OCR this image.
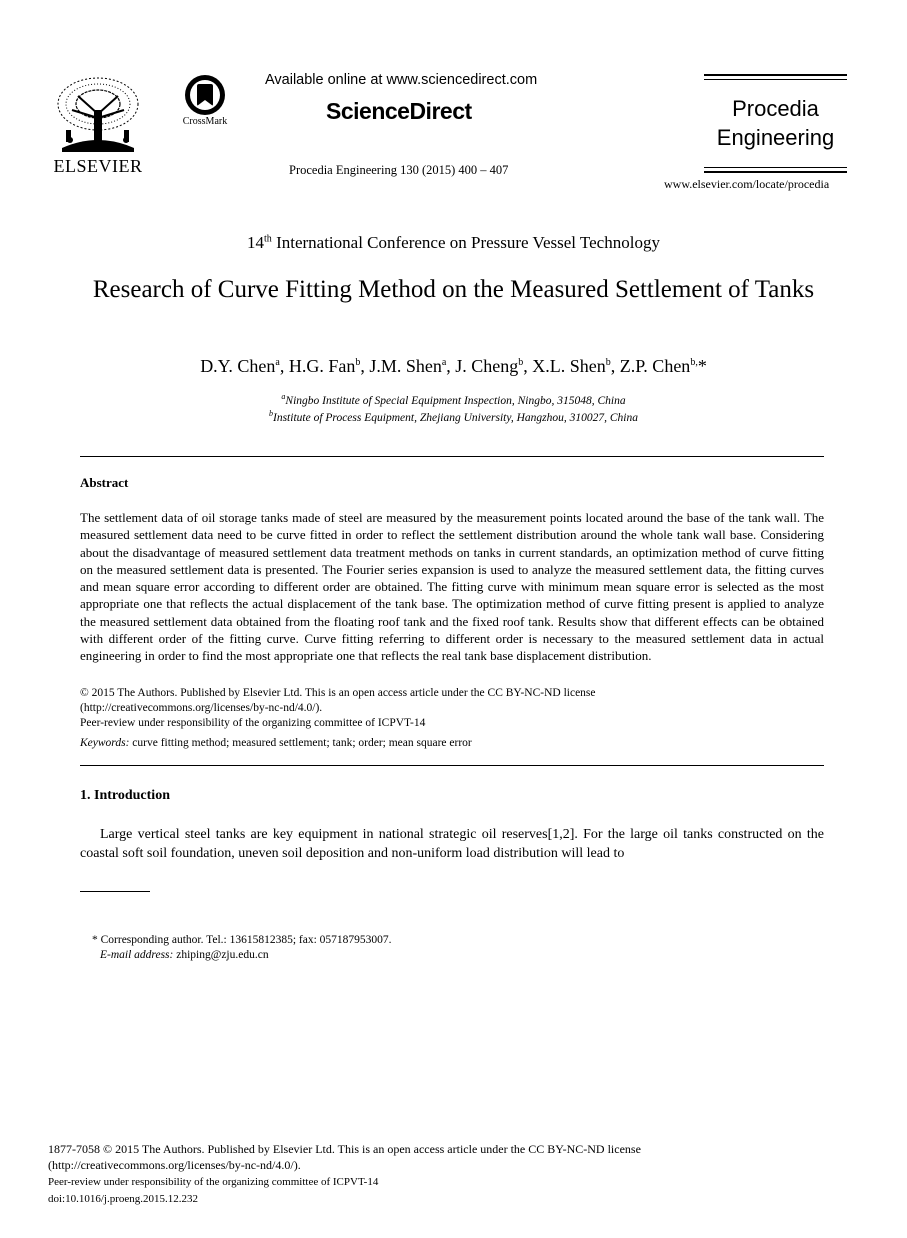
ELSEVIER
CrossMark
Available online at www.sciencedirect.com
ScienceDirect
Procedia Engineering 130 (2015) 400 – 407
Procedia
Engineering
www.elsevier.com/locate/procedia
14th International Conference on Pressure Vessel Technology
Research of Curve Fitting Method on the Measured Settlement of Tanks
D.Y. Chen$^a$, H.G. Fan$^b$, J.M. Shen$^a$, J. Cheng$^b$, X.L. Shen$^b$, Z.P. Chen$^{b,}$*
$^a$Ningbo Institute of Special Equipment Inspection, Ningbo, 315048, China
$^b$Institute of Process Equipment, Zhejiang University, Hangzhou, 310027, China
Abstract
The settlement data of oil storage tanks made of steel are measured by the measurement points located around the base of the tank wall. The measured settlement data need to be curve fitted in order to reflect the settlement distribution around the whole tank wall base. Considering about the disadvantage of measured settlement data treatment methods on tanks in current standards, an optimization method of curve fitting on the measured settlement data is presented. The Fourier series expansion is used to analyze the measured settlement data, the fitting curves and mean square error according to different order are obtained. The fitting curve with minimum mean square error is selected as the most appropriate one that reflects the actual displacement of the tank base. The optimization method of curve fitting present is applied to analyze the measured settlement data obtained from the floating roof tank and the fixed roof tank. Results show that different effects can be obtained with different order of the fitting curve. Curve fitting referring to different order is necessary to the measured settlement data in actual engineering in order to find the most appropriate one that reflects the real tank base displacement distribution.
© 2015 The Authors. Published by Elsevier Ltd. This is an open access article under the CC BY-NC-ND license
(http://creativecommons.org/licenses/by-nc-nd/4.0/).
Peer-review under responsibility of the organizing committee of ICPVT-14
Keywords: curve fitting method; measured settlement; tank; order; mean square error
1. Introduction
Large vertical steel tanks are key equipment in national strategic oil reserves[1,2]. For the large oil tanks constructed on the coastal soft soil foundation, uneven soil deposition and non-uniform load distribution will lead to
* Corresponding author. Tel.: 13615812385; fax: 057187953007.
E-mail address: zhiping@zju.edu.cn
1877-7058 © 2015 The Authors. Published by Elsevier Ltd. This is an open access article under the CC BY-NC-ND license
(http://creativecommons.org/licenses/by-nc-nd/4.0/).
Peer-review under responsibility of the organizing committee of ICPVT-14
doi:10.1016/j.proeng.2015.12.232
